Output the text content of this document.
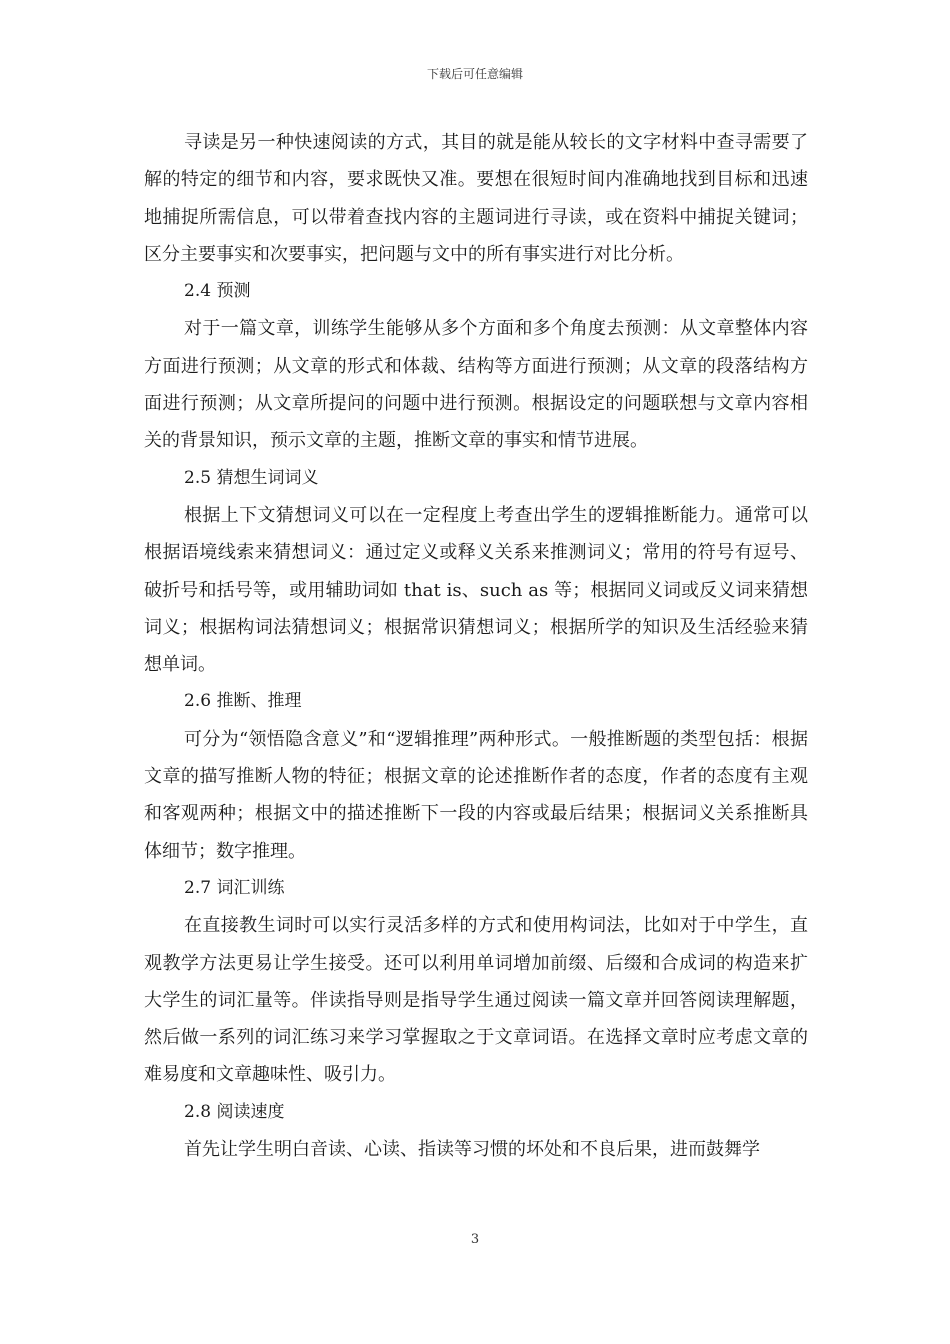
下载后可任意编辑

寻读是另一种快速阅读的方式，其目的就是能从较长的文字材料中查寻需要了解的特定的细节和内容，要求既快又准。要想在很短时间内准确地找到目标和迅速地捕捉所需信息，可以带着查找内容的主题词进行寻读，或在资料中捕捉关键词；区分主要事实和次要事实，把问题与文中的所有事实进行对比分析。

2.4 预测

对于一篇文章，训练学生能够从多个方面和多个角度去预测：从文章整体内容方面进行预测；从文章的形式和体裁、结构等方面进行预测；从文章的段落结构方面进行预测；从文章所提问的问题中进行预测。根据设定的问题联想与文章内容相关的背景知识，预示文章的主题，推断文章的事实和情节进展。

2.5 猜想生词词义

根据上下文猜想词义可以在一定程度上考查出学生的逻辑推断能力。通常可以根据语境线索来猜想词义：通过定义或释义关系来推测词义；常用的符号有逗号、破折号和括号等，或用辅助词如 that is、such as 等；根据同义词或反义词来猜想词义；根据构词法猜想词义；根据常识猜想词义；根据所学的知识及生活经验来猜想单词。

2.6 推断、推理

可分为“领悟隐含意义”和“逻辑推理”两种形式。一般推断题的类型包括：根据文章的描写推断人物的特征；根据文章的论述推断作者的态度，作者的态度有主观和客观两种；根据文中的描述推断下一段的内容或最后结果；根据词义关系推断具体细节；数字推理。

2.7 词汇训练

在直接教生词时可以实行灵活多样的方式和使用构词法，比如对于中学生，直观教学方法更易让学生接受。还可以利用单词增加前缀、后缀和合成词的构造来扩大学生的词汇量等。伴读指导则是指导学生通过阅读一篇文章并回答阅读理解题，然后做一系列的词汇练习来学习掌握取之于文章词语。在选择文章时应考虑文章的难易度和文章趣味性、吸引力。

2.8 阅读速度

首先让学生明白音读、心读、指读等习惯的坏处和不良后果，进而鼓舞学

3
